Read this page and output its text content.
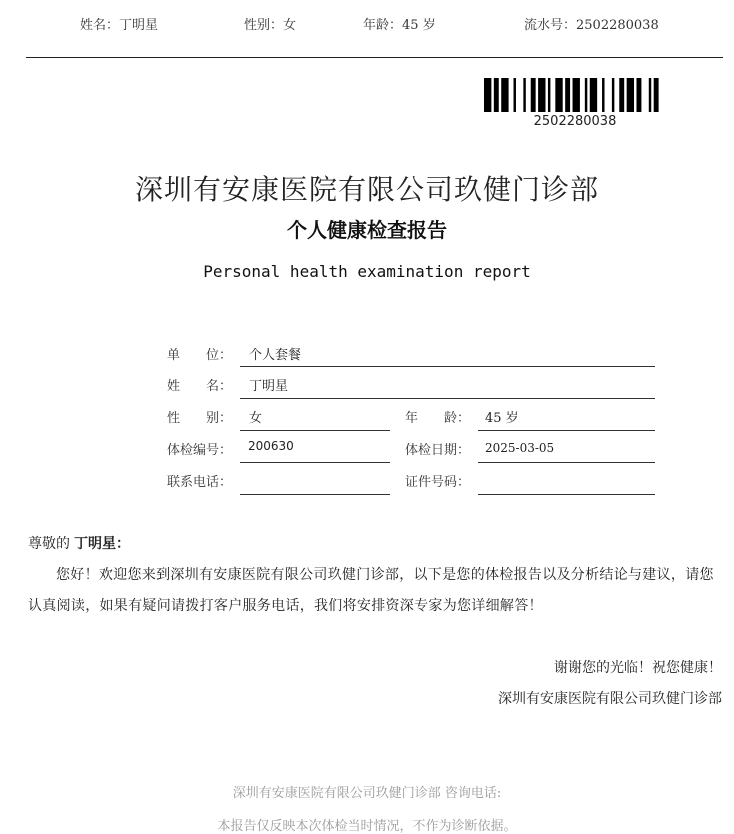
姓名：丁明星	性别：女	年龄：45 岁	流水号：2502280038
2502280038
深圳有安康医院有限公司玖健门诊部
个人健康检查报告
Personal health examination report
单　　位： 个人套餐
姓　　名： 丁明星
性　　别： 女	年　　龄： 45 岁
体检编号： 200630	体检日期： 2025-03-05
联系电话：	证件号码：
尊敬的 丁明星：
您好！欢迎您来到深圳有安康医院有限公司玖健门诊部，以下是您的体检报告以及分析结论与建议，请您认真阅读，如果有疑问请拨打客户服务电话，我们将安排资深专家为您详细解答！
谢谢您的光临！祝您健康！
深圳有安康医院有限公司玖健门诊部
深圳有安康医院有限公司玖健门诊部 咨询电话:
本报告仅反映本次体检当时情况，不作为诊断依据。
